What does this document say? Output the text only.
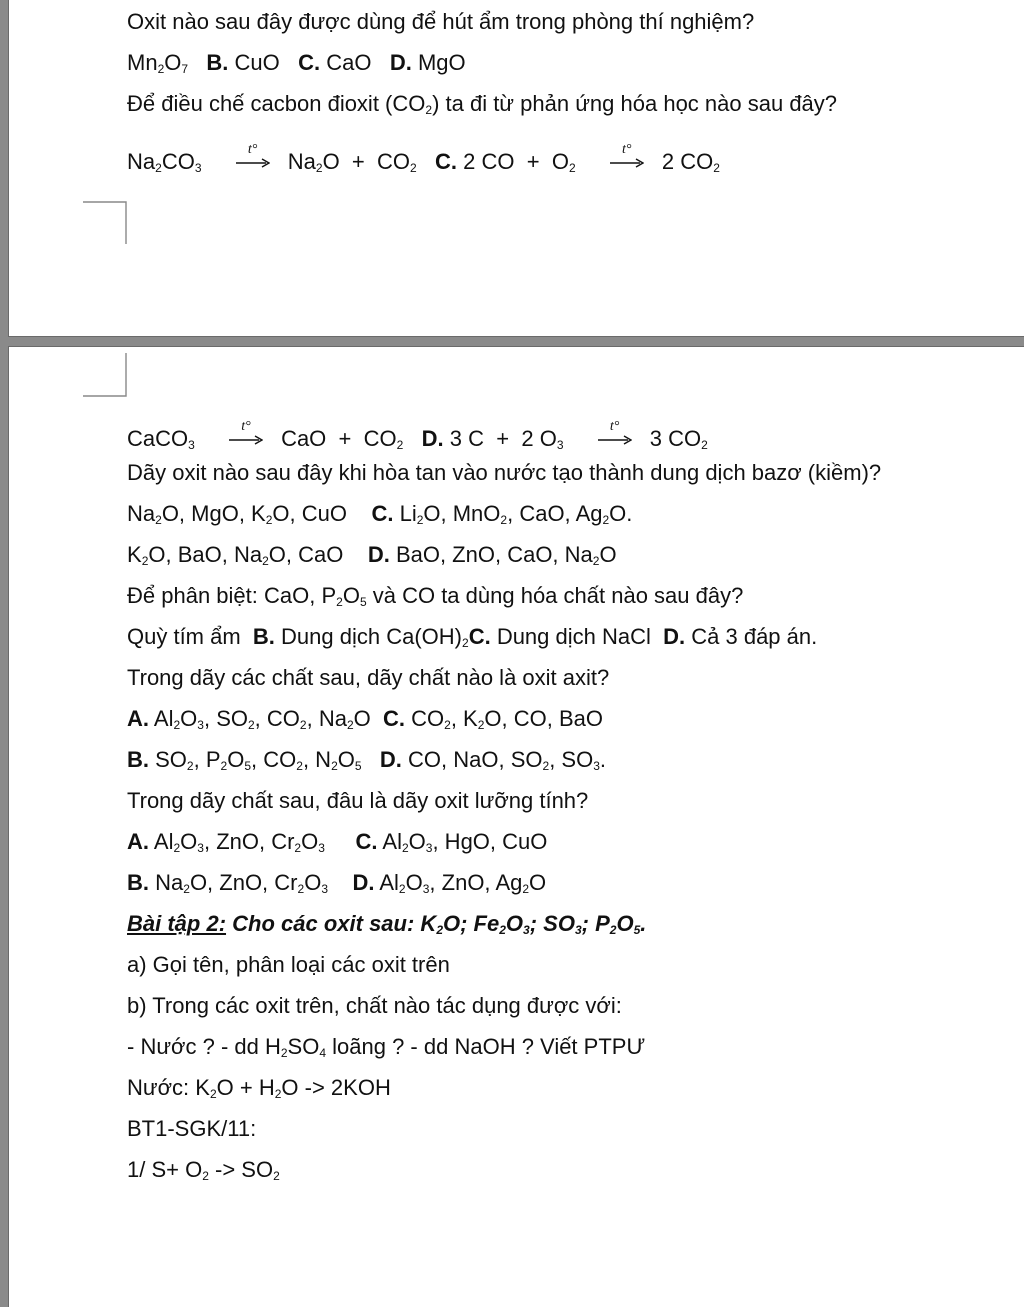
Oxit nào sau đây được dùng để hút ẩm trong phòng thí nghiệm?
$Mn_2O_7$ B. CuO C. CaO D. MgO
Để điều chế cacbon đioxit $(CO_2)$ ta đi từ phản ứng hóa học nào sau đây?
$Na_2CO_3$
t°	$Na_2O + CO_2$ C. 2 CO + $O_2$
t°	2 $CO_2$
CaCO$_3$
t°	CaO + $CO_2$ D. 3 C + 2 $O_3$
t°	3 $CO_2$
Dãy oxit nào sau đây khi hòa tan vào nước tạo thành dung dịch bazơ (kiềm)?
$Na_2O$, MgO, $K_2O$, CuO C. $Li_2O$, MnO$_2$, CaO, $Ag_2O$.
$K_2O$, BaO, $Na_2O$, CaO D. BaO, ZnO, CaO, $Na_2O$
Để phân biệt: CaO, $P_2O_5$ và CO ta dùng hóa chất nào sau đây?
Quỳ tím ẩm B. Dung dịch $Ca(OH)_2C$. Dung dịch NaCl D. Cả 3 đáp án.
Trong dãy các chất sau, dãy chất nào là oxit axit?
A. $Al_2O_3$, $SO_2$, $CO_2$, $Na_2O$ C. $CO_2$, $K_2O$, CO, BaO
B. $SO_2$, $P_2O_5$, $CO_2$, $N_2O_5$ D. CO, NaO, $SO_2$, $SO_3$.
Trong dãy chất sau, đâu là dãy oxit lưỡng tính?
A. $Al_2O_3$, ZnO, $Cr_2O_3$ C. $Al_2O_3$, HgO, CuO
B. $Na_2O$, ZnO, $Cr_2O_3$ D. $Al_2O_3$, ZnO, $Ag_2O$
Bài tập 2: Cho các oxit sau: $K_2O$; $Fe_2O_3$; $SO_3$; $P_2O_5$.
a) Gọi tên, phân loại các oxit trên
b) Trong các oxit trên, chất nào tác dụng được với:
- Nước ? - dd $H_2SO_4$ loãng ? - dd NaOH ? Viết PTPƯ
Nước: $K_2O + H_2O -> 2KOH$
BT1-SGK/11:
1/ $S+ O_2 -> SO_2$
